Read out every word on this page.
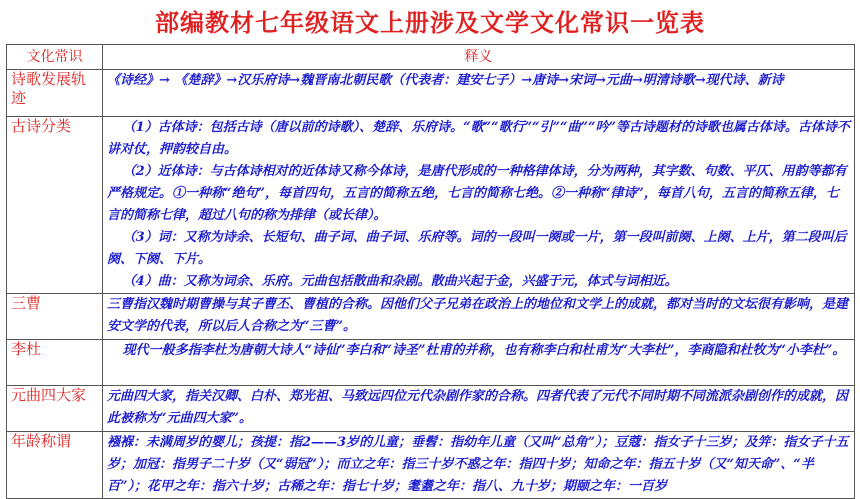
部编教材七年级语文上册涉及文学文化常识一览表
文化常识	释义
诗歌发展轨迹	《诗经》→ 《楚辞》→汉乐府诗→魏晋南北朝民歌（代表者：建安七子）→唐诗→宋词→元曲→明清诗歌→现代诗、新诗

古诗分类	（1）古体诗：包括古诗（唐以前的诗歌）、楚辞、乐府诗。“歌”“歌行”“引”“曲”“吟”等古诗题材的诗歌也属古体诗。古体诗不讲对仗，押韵较自由。

（2）近体诗：与古体诗相对的近体诗又称今体诗，是唐代形成的一种格律体诗，分为两种，其字数、句数、平仄、用韵等都有严格规定。①一种称“绝句”，每首四句，五言的简称五绝，七言的简称七绝。②一种称“律诗”，每首八句，五言的简称五律，七言的简称七律，超过八句的称为排律（或长律）。

（3）词：又称为诗余、长短句、曲子词、曲子词、乐府等。词的一段叫一阕或一片，第一段叫前阕、上阕、上片，第二段叫后阕、下阕、下片。

（4）曲：又称为词余、乐府。元曲包括散曲和杂剧。散曲兴起于金，兴盛于元，体式与词相近。

三曹	三曹指汉魏时期曹操与其子曹丕、曹植的合称。因他们父子兄弟在政治上的地位和文学上的成就，都对当时的文坛很有影响，是建安文学的代表，所以后人合称之为“三曹”。

李杜	现代一般多指李杜为唐朝大诗人“诗仙”李白和“诗圣”杜甫的并称，也有称李白和杜甫为“大李杜”，李商隐和杜牧为“小李杜”。

元曲四大家	元曲四大家，指关汉卿、白朴、郑光祖、马致远四位元代杂剧作家的合称。四者代表了元代不同时期不同流派杂剧创作的成就，因此被称为“元曲四大家”。

年龄称谓	襁褓：未满周岁的婴儿；孩提：指2——3岁的儿童；垂髫：指幼年儿童（又叫“总角”）；豆蔻：指女子十三岁；及笄：指女子十五岁；加冠：指男子二十岁（又“弱冠”）；而立之年：指三十岁不惑之年：指四十岁；知命之年：指五十岁（又“知天命”、“半百”）；花甲之年：指六十岁；古稀之年：指七十岁；耄耋之年：指八、九十岁；期颐之年：一百岁
